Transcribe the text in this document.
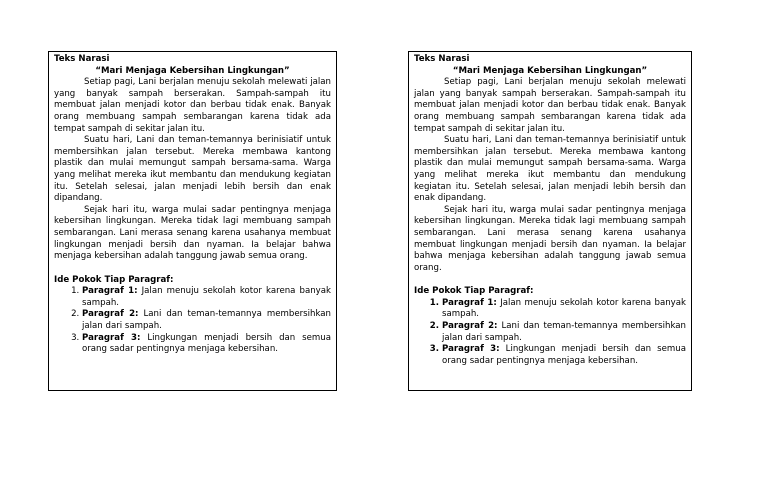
Teks Narasi
“Mari Menjaga Kebersihan Lingkungan”

Setiap pagi, Lani berjalan menuju sekolah melewati jalan yang banyak sampah berserakan. Sampah-sampah itu membuat jalan menjadi kotor dan berbau tidak enak. Banyak orang membuang sampah sembarangan karena tidak ada tempat sampah di sekitar jalan itu.

Suatu hari, Lani dan teman-temannya berinisiatif untuk membersihkan jalan tersebut. Mereka membawa kantong plastik dan mulai memungut sampah bersama-sama. Warga yang melihat mereka ikut membantu dan mendukung kegiatan itu. Setelah selesai, jalan menjadi lebih bersih dan enak dipandang.

Sejak hari itu, warga mulai sadar pentingnya menjaga kebersihan lingkungan. Mereka tidak lagi membuang sampah sembarangan. Lani merasa senang karena usahanya membuat lingkungan menjadi bersih dan nyaman. Ia belajar bahwa menjaga kebersihan adalah tanggung jawab semua orang.

Ide Pokok Tiap Paragraf:
1. Paragraf 1: Jalan menuju sekolah kotor karena banyak sampah.
2. Paragraf 2: Lani dan teman-temannya membersihkan jalan dari sampah.
3. Paragraf 3: Lingkungan menjadi bersih dan semua orang sadar pentingnya menjaga kebersihan.
Teks Narasi
“Mari Menjaga Kebersihan Lingkungan”

Setiap pagi, Lani berjalan menuju sekolah melewati jalan yang banyak sampah berserakan. Sampah-sampah itu membuat jalan menjadi kotor dan berbau tidak enak. Banyak orang membuang sampah sembarangan karena tidak ada tempat sampah di sekitar jalan itu.

Suatu hari, Lani dan teman-temannya berinisiatif untuk membersihkan jalan tersebut. Mereka membawa kantong plastik dan mulai memungut sampah bersama-sama. Warga yang melihat mereka ikut membantu dan mendukung kegiatan itu. Setelah selesai, jalan menjadi lebih bersih dan enak dipandang.

Sejak hari itu, warga mulai sadar pentingnya menjaga kebersihan lingkungan. Mereka tidak lagi membuang sampah sembarangan. Lani merasa senang karena usahanya membuat lingkungan menjadi bersih dan nyaman. Ia belajar bahwa menjaga kebersihan adalah tanggung jawab semua orang.

Ide Pokok Tiap Paragraf:
1. Paragraf 1: Jalan menuju sekolah kotor karena banyak sampah.
2. Paragraf 2: Lani dan teman-temannya membersihkan jalan dari sampah.
3. Paragraf 3: Lingkungan menjadi bersih dan semua orang sadar pentingnya menjaga kebersihan.
